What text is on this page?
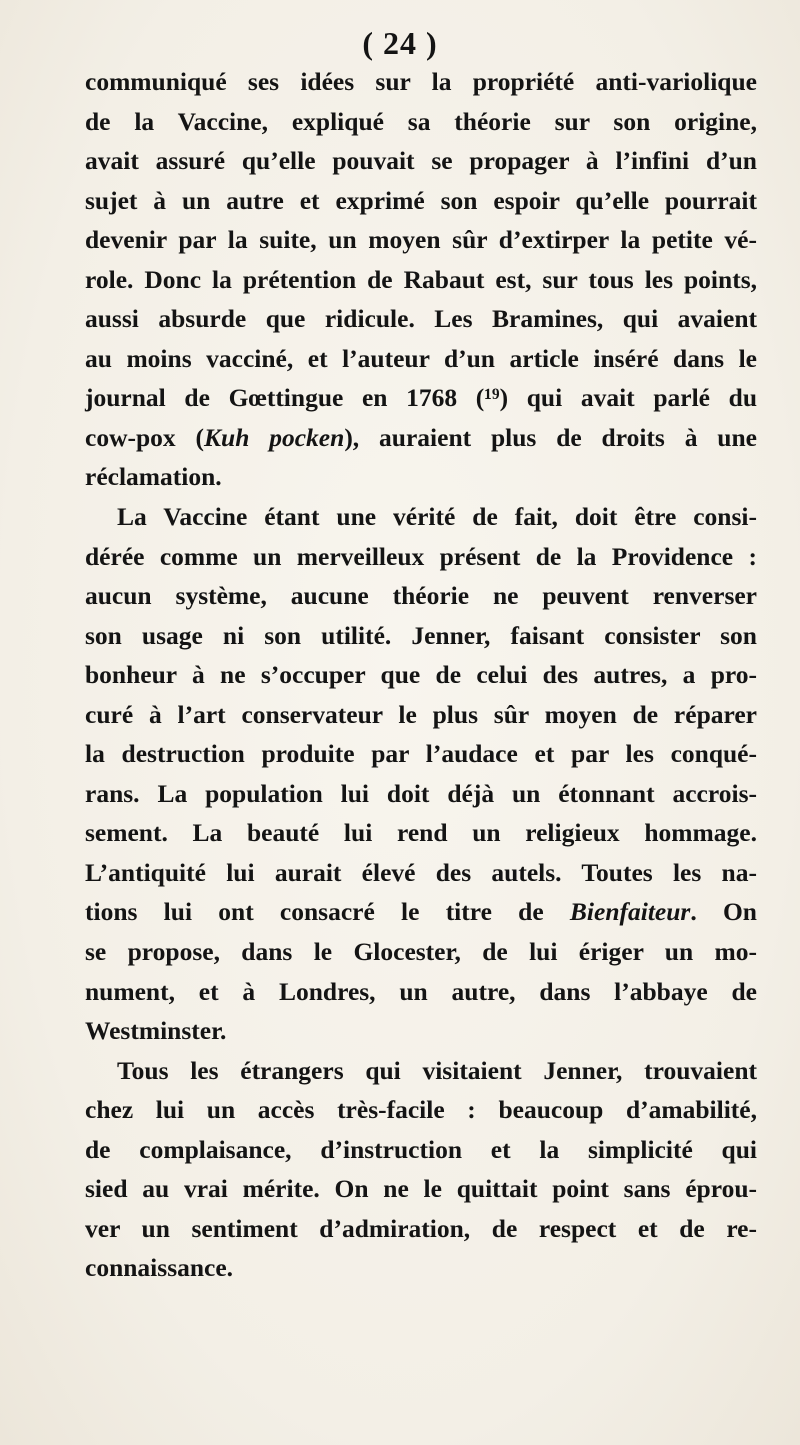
( 24 )
communiqué ses idées sur la propriété anti-variolique
de la Vaccine, expliqué sa théorie sur son origine,
avait assuré qu’elle pouvait se propager à l’infini d’un
sujet à un autre et exprimé son espoir qu’elle pourrait
devenir par la suite, un moyen sûr d’extirper la petite vé-
role. Donc la prétention de Rabaut est, sur tous les points,
aussi absurde que ridicule. Les Bramines, qui avaient
au moins vacciné, et l’auteur d’un article inséré dans le
journal de Gœttingue en 1768 (¹⁹) qui avait parlé du
cow-pox (Kuh pocken), auraient plus de droits à une
réclamation.
La Vaccine étant une vérité de fait, doit être consi-
dérée comme un merveilleux présent de la Providence :
aucun système, aucune théorie ne peuvent renverser
son usage ni son utilité. Jenner, faisant consister son
bonheur à ne s’occuper que de celui des autres, a pro-
curé à l’art conservateur le plus sûr moyen de réparer
la destruction produite par l’audace et par les conqué-
rans. La population lui doit déjà un étonnant accrois-
sement. La beauté lui rend un religieux hommage.
L’antiquité lui aurait élevé des autels. Toutes les na-
tions lui ont consacré le titre de Bienfaiteur. On
se propose, dans le Glocester, de lui ériger un mo-
nument, et à Londres, un autre, dans l’abbaye de
Westminster.
Tous les étrangers qui visitaient Jenner, trouvaient
chez lui un accès très-facile : beaucoup d’amabilité,
de complaisance, d’instruction et la simplicité qui
sied au vrai mérite. On ne le quittait point sans éprou-
ver un sentiment d’admiration, de respect et de re-
connaissance.
